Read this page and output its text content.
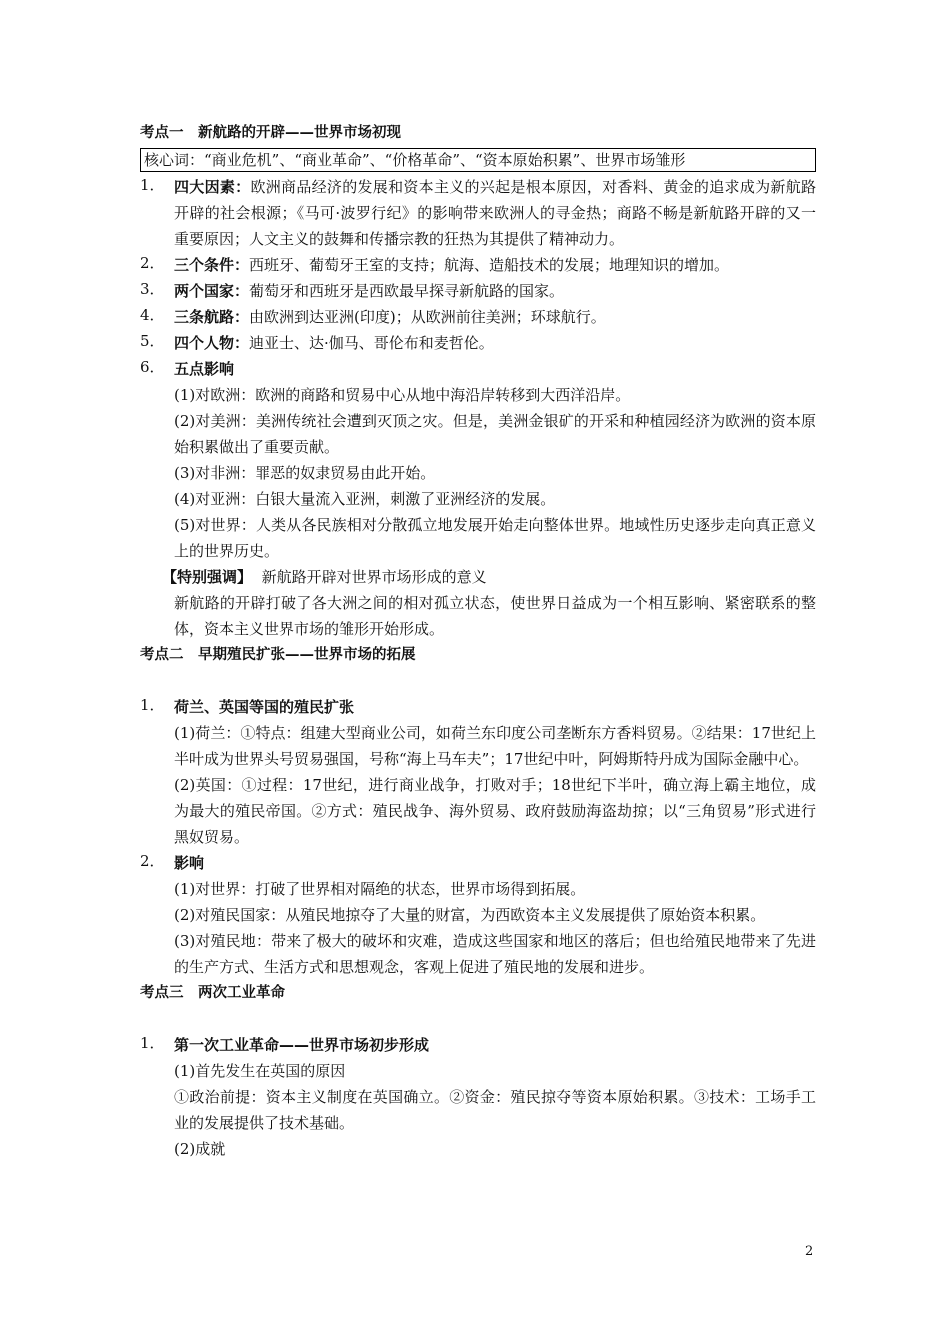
考点一　新航路的开辟——世界市场初现
核心词：“商业危机”、“商业革命”、“价格革命”、“资本原始积累”、世界市场雏形
1． 四大因素：欧洲商品经济的发展和资本主义的兴起是根本原因，对香料、黄金的追求成为新航路开辟的社会根源；《马可·波罗行纪》的影响带来欧洲人的寻金热；商路不畅是新航路开辟的又一重要原因；人文主义的鼓舞和传播宗教的狂热为其提供了精神动力。
2． 三个条件：西班牙、葡萄牙王室的支持；航海、造船技术的发展；地理知识的增加。
3． 两个国家：葡萄牙和西班牙是西欧最早探寻新航路的国家。
4． 三条航路：由欧洲到达亚洲(印度)；从欧洲前往美洲；环球航行。
5． 四个人物：迪亚士、达·伽马、哥伦布和麦哲伦。
6． 五点影响
(1)对欧洲：欧洲的商路和贸易中心从地中海沿岸转移到大西洋沿岸。
(2)对美洲：美洲传统社会遭到灭顶之灾。但是，美洲金银矿的开采和种植园经济为欧洲的资本原始积累做出了重要贡献。
(3)对非洲：罪恶的奴隶贸易由此开始。
(4)对亚洲：白银大量流入亚洲，刺激了亚洲经济的发展。
(5)对世界：人类从各民族相对分散孤立地发展开始走向整体世界。地域性历史逐步走向真正意义上的世界历史。
【特别强调】 新航路开辟对世界市场形成的意义
新航路的开辟打破了各大洲之间的相对孤立状态，使世界日益成为一个相互影响、紧密联系的整体，资本主义世界市场的雏形开始形成。
考点二　早期殖民扩张——世界市场的拓展
1． 荷兰、英国等国的殖民扩张
(1)荷兰：①特点：组建大型商业公司，如荷兰东印度公司垄断东方香料贸易。②结果：17世纪上半叶成为世界头号贸易强国，号称“海上马车夫”；17世纪中叶，阿姆斯特丹成为国际金融中心。
(2)英国：①过程：17世纪，进行商业战争，打败对手；18世纪下半叶，确立海上霸主地位，成为最大的殖民帝国。②方式：殖民战争、海外贸易、政府鼓励海盗劫掠；以“三角贸易”形式进行黑奴贸易。
2． 影响
(1)对世界：打破了世界相对隔绝的状态，世界市场得到拓展。
(2)对殖民国家：从殖民地掠夺了大量的财富，为西欧资本主义发展提供了原始资本积累。
(3)对殖民地：带来了极大的破坏和灾难，造成这些国家和地区的落后；但也给殖民地带来了先进的生产方式、生活方式和思想观念，客观上促进了殖民地的发展和进步。
考点三　两次工业革命
1． 第一次工业革命——世界市场初步形成
(1)首先发生在英国的原因
①政治前提：资本主义制度在英国确立。②资金：殖民掠夺等资本原始积累。③技术：工场手工业的发展提供了技术基础。
(2)成就
2
